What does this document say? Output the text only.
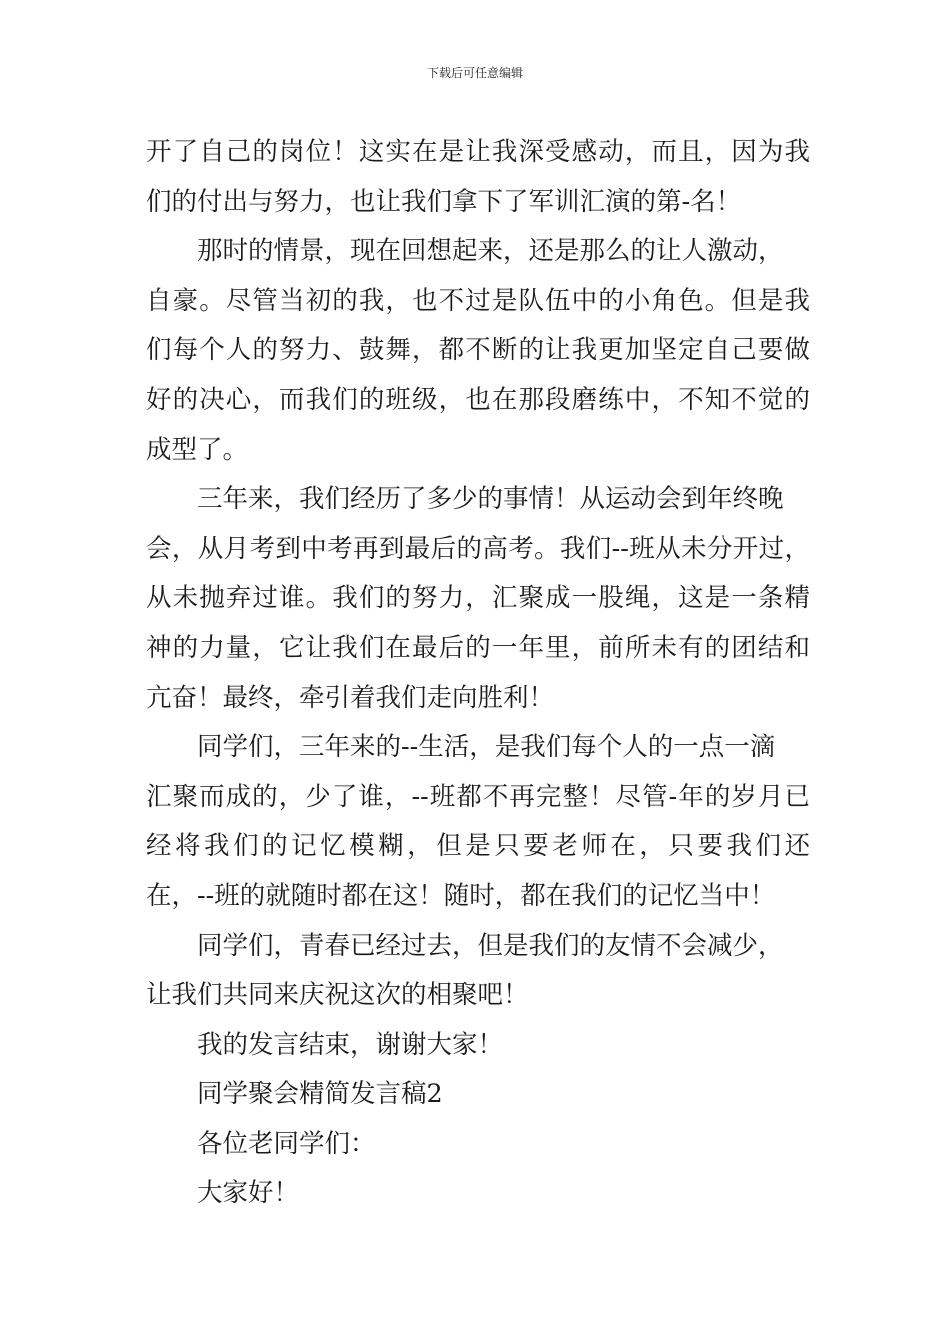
下载后可任意编辑
开了自己的岗位！这实在是让我深受感动，而且，因为我
们的付出与努力，也让我们拿下了军训汇演的第-名！
那时的情景，现在回想起来，还是那么的让人激动，
自豪。尽管当初的我，也不过是队伍中的小角色。但是我
们每个人的努力、鼓舞，都不断的让我更加坚定自己要做
好的决心，而我们的班级，也在那段磨练中，不知不觉的
成型了。
三年来，我们经历了多少的事情！从运动会到年终晚
会，从月考到中考再到最后的高考。我们--班从未分开过，
从未抛弃过谁。我们的努力，汇聚成一股绳，这是一条精
神的力量，它让我们在最后的一年里，前所未有的团结和
亢奋！最终，牵引着我们走向胜利！
同学们，三年来的--生活，是我们每个人的一点一滴
汇聚而成的，少了谁，--班都不再完整！尽管-年的岁月已
经将我们的记忆模糊，但是只要老师在，只要我们还
在，--班的就随时都在这！随时，都在我们的记忆当中！
同学们，青春已经过去，但是我们的友情不会减少，
让我们共同来庆祝这次的相聚吧！
我的发言结束，谢谢大家！
同学聚会精简发言稿2
各位老同学们：
大家好！
